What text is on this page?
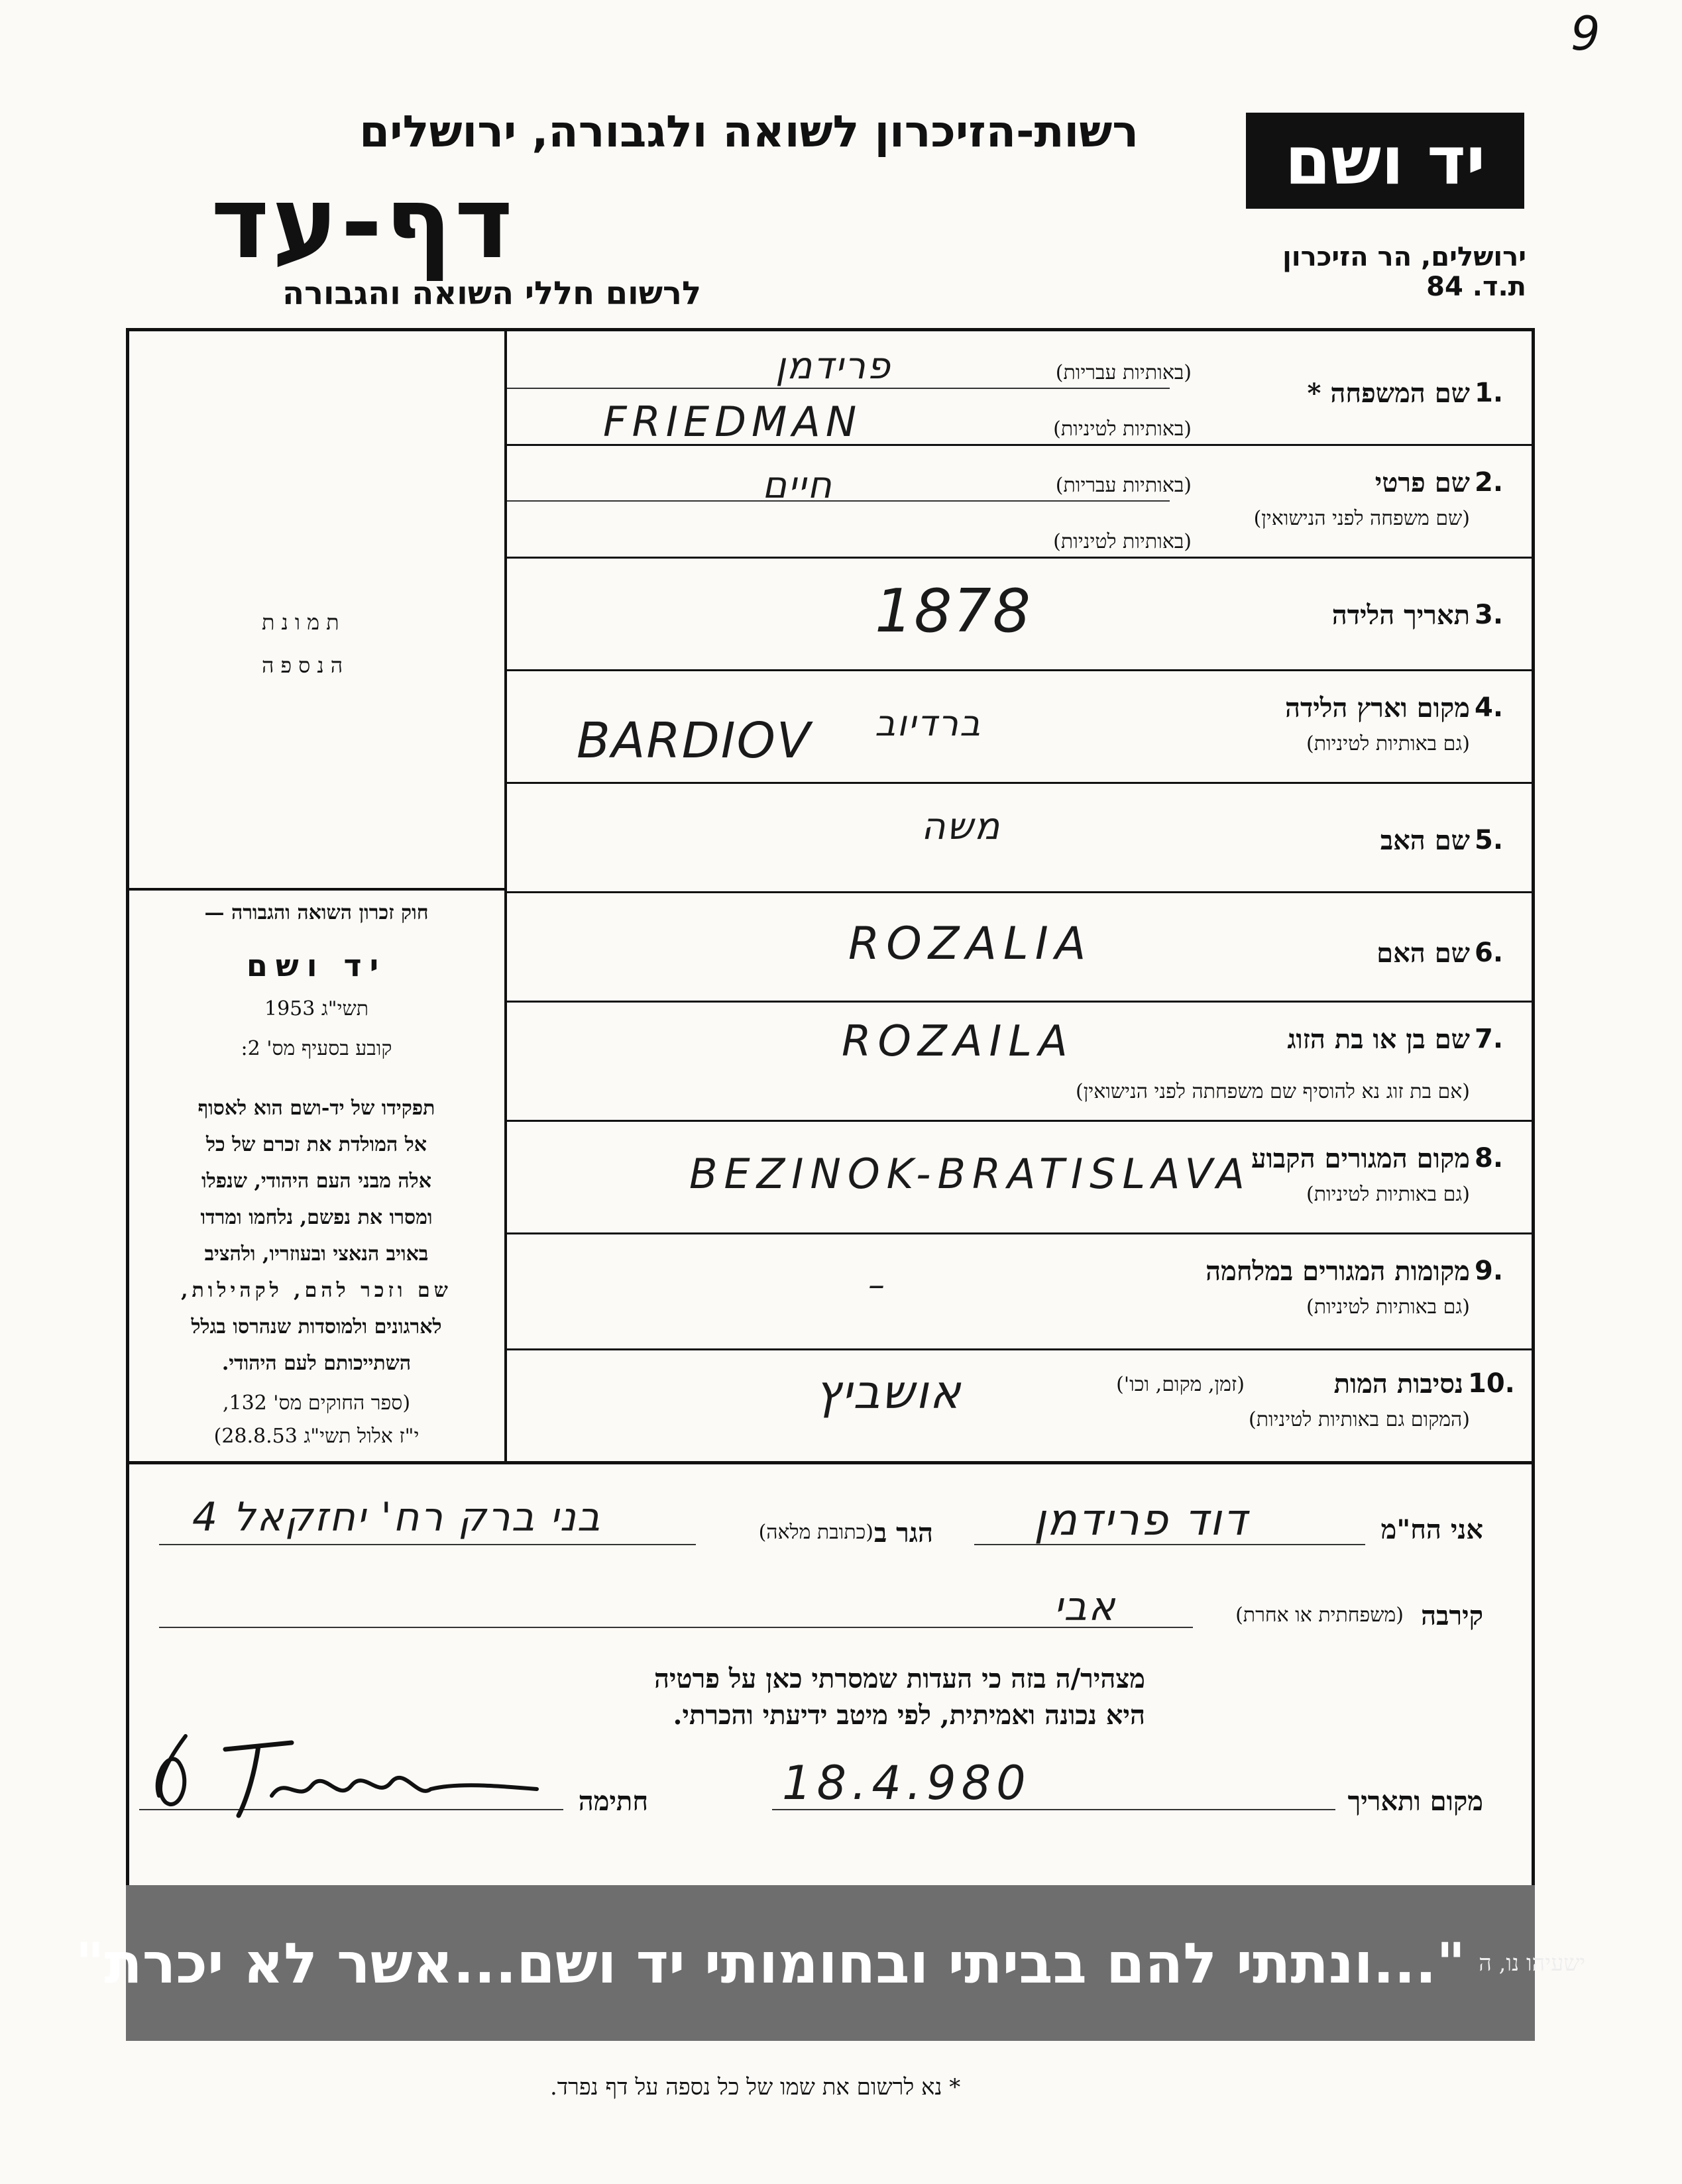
9
רשות-הזיכרון לשואה ולגבורה, ירושלים
דף-עד
לרשום חללי השואה והגבורה
יד ושם
ירושלים, הר הזיכרון
ת.ד. 84
תמונת
הנספה
חוק זכרון השואה והגבורה —
יד ושם
תשי"ג 1953
קובע בסעיף מס' 2:
תפקידו של יד-ושם הוא לאסוף
אל המולדת את זכרם של כל
אלה מבני העם היהודי, שנפלו
ומסרו את נפשם, נלחמו ומרדו
באויב הנאצי ובעוזריו, ולהציב
שם וזכר להם, לקהילות,
לארגונים ולמוסדות שנהרסו בגלל
השתייכותם לעם היהודי.
(ספר החוקים מס' 132,
י"ז אלול תשי"ג 28.8.53)
1.
שם המשפחה *
(באותיות עבריות)
(באותיות לטיניות)
פרידמן
FRIEDMAN
2.
שם פרטי
(שם משפחה לפני הנישואין)
(באותיות עבריות)
(באותיות לטיניות)
חיים
3.
תאריך הלידה
1878
4.
מקום וארץ הלידה
(גם באותיות לטיניות)
BARDIOV ברדיוב
5.
שם האב
משה
6.
שם האם
ROZALIA
7.
שם בן או בת הזוג
(אם בת זוג נא להוסיף שם משפחתה לפני הנישואין)
ROZAILA
8.
מקום המגורים הקבוע
(גם באותיות לטיניות)
BEZINOK-BRATISLAVA
9.
מקומות המגורים במלחמה
(גם באותיות לטיניות)
–
10.
נסיבות המות
(זמן, מקום, וכו')
(המקום גם באותיות לטיניות)
אושביץ
אני הח"מ
דוד פרידמן
הגר ב
(כתובת מלאה)
בני ברק רח' יחזקאל 4
קירבה
(משפחתית או אחרת)
אבי
מצהיר/ה בזה כי העדות שמסרתי כאן על פרטיה
היא נכונה ואמיתית, לפי מיטב ידיעתי והכרתי.
מקום ותאריך
18.4.980
חתימה
"...ונתתי להם בביתי ובחומותי יד ושם...אשר לא יכרת" ישעיהו נו, ה
* נא לרשום את שמו של כל נספה על דף נפרד.
